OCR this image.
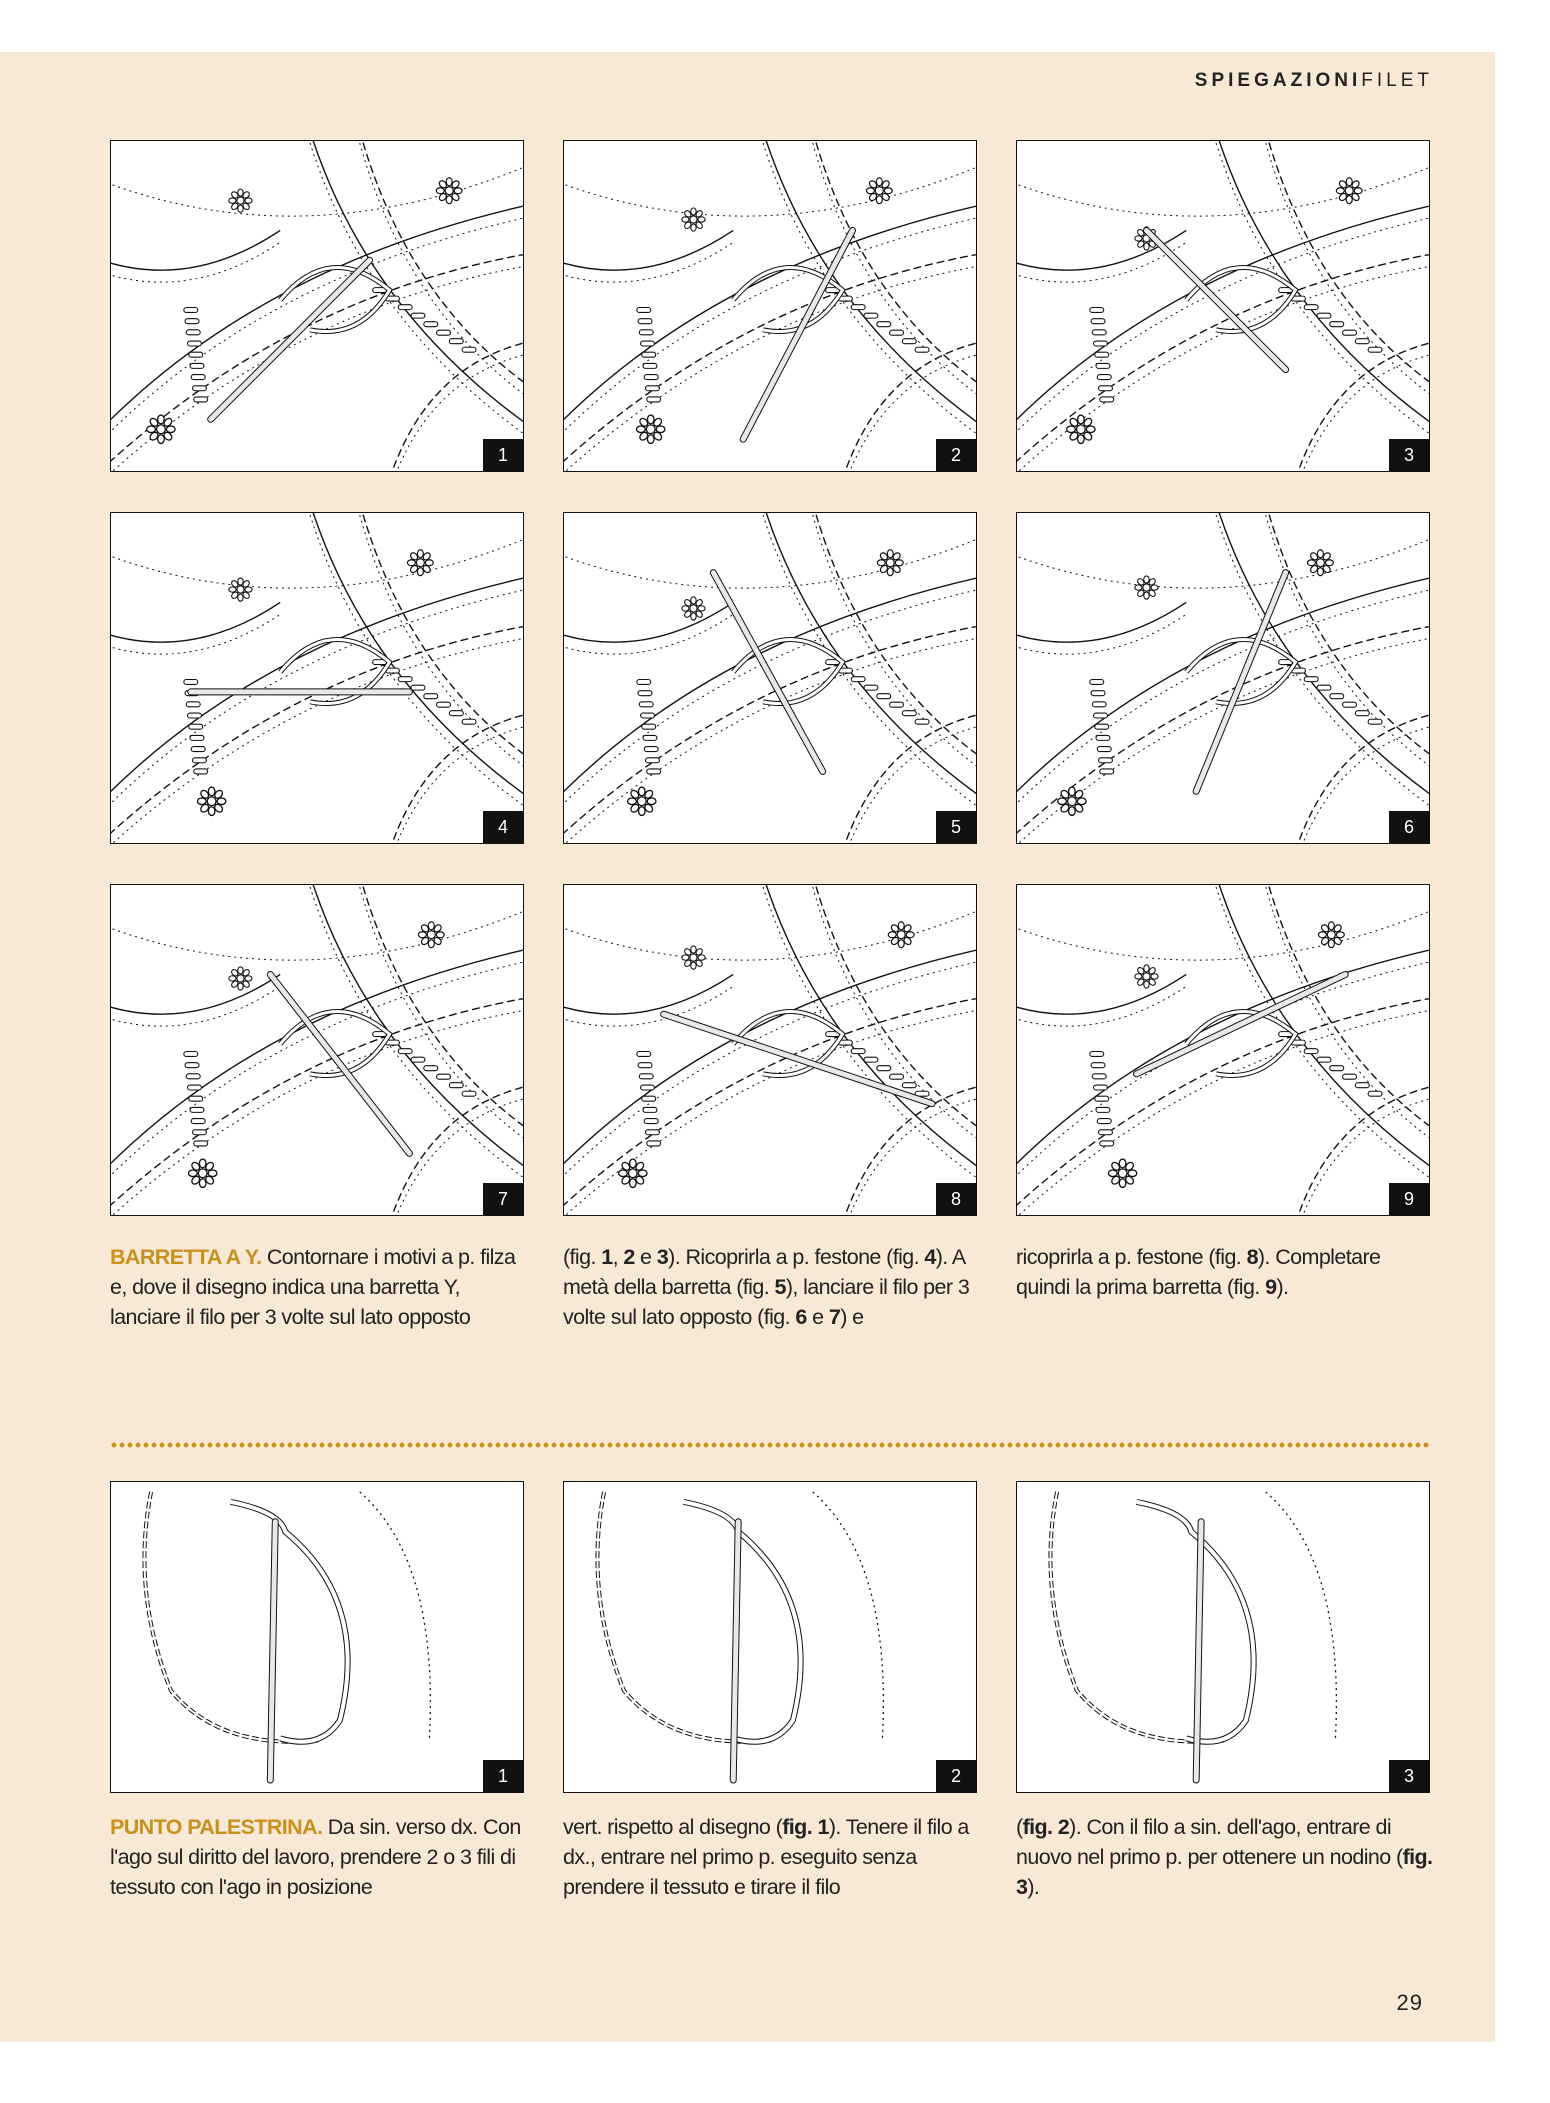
SPIEGAZIONIFILET
1	2	3
4	5	6
7	8	9
BARRETTA A Y. Contornare i motivi a p. filza e, dove il disegno indica una barretta Y, lanciare il filo per 3 volte sul lato opposto
(fig. 1, 2 e 3). Ricoprirla a p. festone (fig. 4). A metà della barretta (fig. 5), lanciare il filo per 3 volte sul lato opposto (fig. 6 e 7) e
ricoprirla a p. festone (fig. 8). Completare quindi la prima barretta (fig. 9).
1	2	3
PUNTO PALESTRINA. Da sin. verso dx. Con l'ago sul diritto del lavoro, prendere 2 o 3 fili di tessuto con l'ago in posizione
vert. rispetto al disegno (fig. 1). Tenere il filo a dx., entrare nel primo p. eseguito senza prendere il tessuto e tirare il filo
(fig. 2). Con il filo a sin. dell'ago, entrare di nuovo nel primo p. per ottenere un nodino (fig. 3).
29
